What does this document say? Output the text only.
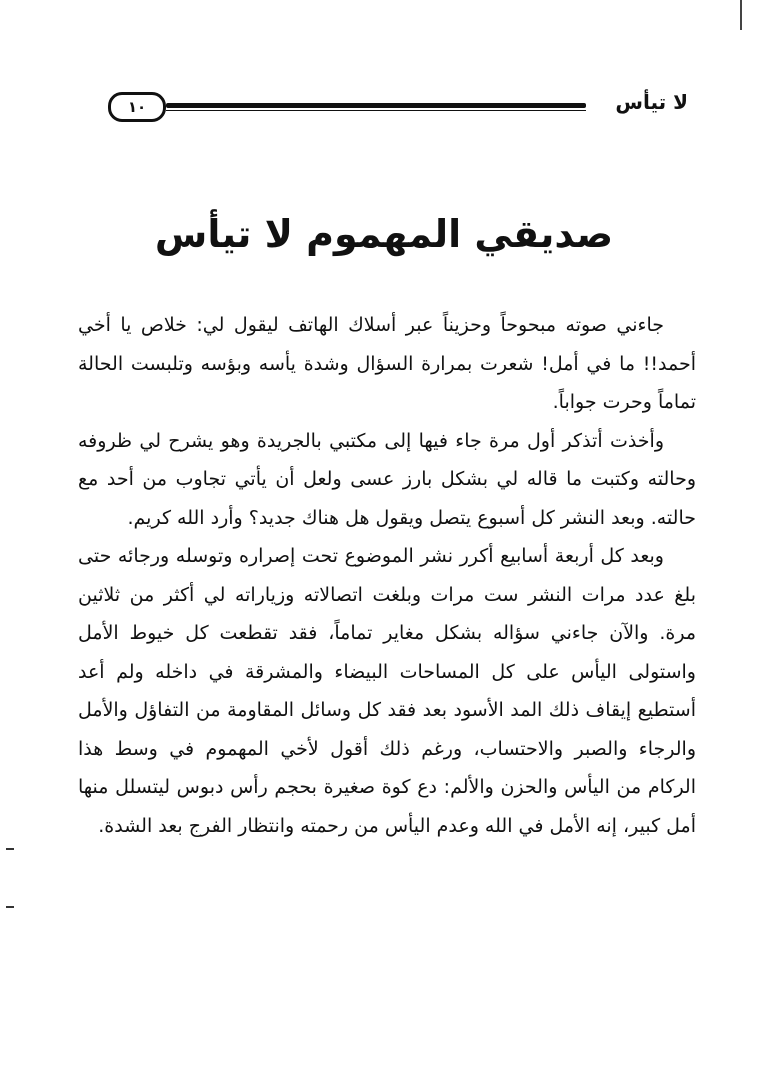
١٠	لا تيأس
صديقي المهموم لا تيأس

جاءني صوته مبحوحاً وحزيناً عبر أسلاك الهاتف ليقول لي: خلاص يا أخي أحمد!! ما في أمل! شعرت بمرارة السؤال وشدة يأسه وبؤسه وتلبست الحالة تماماً وحرت جواباً.

وأخذت أتذكر أول مرة جاء فيها إلى مكتبي بالجريدة وهو يشرح لي ظروفه وحالته وكتبت ما قاله لي بشكل بارز عسى ولعل أن يأتي تجاوب من أحد مع حالته. وبعد النشر كل أسبوع يتصل ويقول هل هناك جديد؟ وأرد الله كريم.

وبعد كل أربعة أسابيع أكرر نشر الموضوع تحت إصراره وتوسله ورجائه حتى بلغ عدد مرات النشر ست مرات وبلغت اتصالاته وزياراته لي أكثر من ثلاثين مرة. والآن جاءني سؤاله بشكل مغاير تماماً، فقد تقطعت كل خيوط الأمل واستولى اليأس على كل المساحات البيضاء والمشرقة في داخله ولم أعد أستطيع إيقاف ذلك المد الأسود بعد فقد كل وسائل المقاومة من التفاؤل والأمل والرجاء والصبر والاحتساب، ورغم ذلك أقول لأخي المهموم في وسط هذا الركام من اليأس والحزن والألم: دع كوة صغيرة بحجم رأس دبوس ليتسلل منها أمل كبير، إنه الأمل في الله وعدم اليأس من رحمته وانتظار الفرج بعد الشدة.
